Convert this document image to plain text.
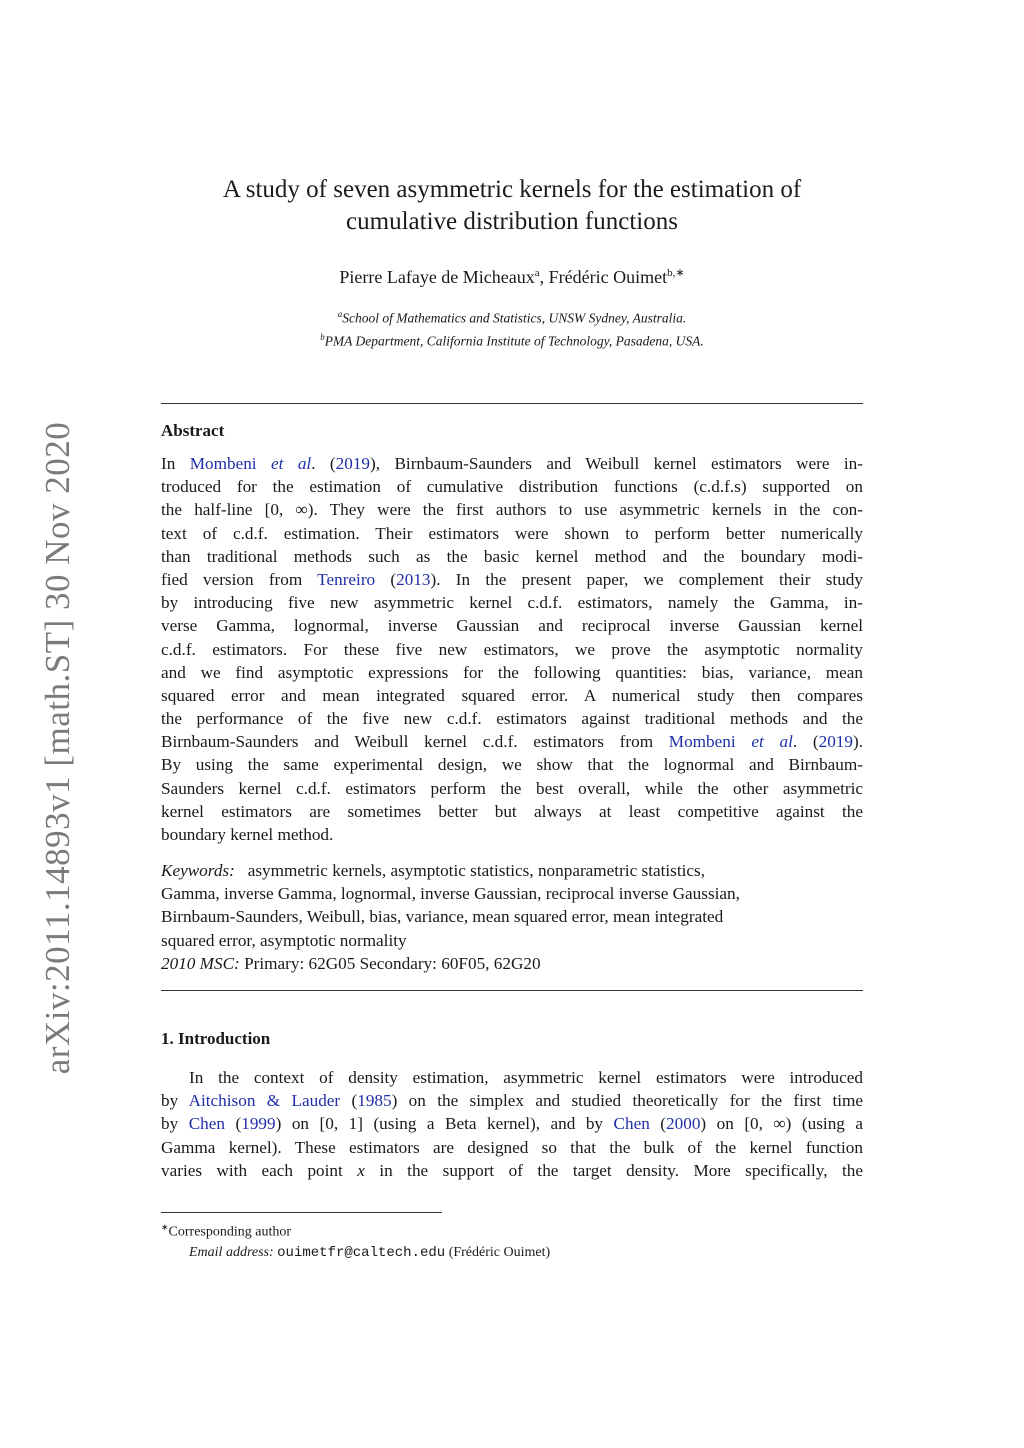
arXiv:2011.14893v1 [math.ST] 30 Nov 2020
A study of seven asymmetric kernels for the estimation of
cumulative distribution functions
Pierre Lafaye de Micheaux$^a$, Frédéric Ouimet$^{b,∗}$
$^a$School of Mathematics and Statistics, UNSW Sydney, Australia.
$^b$PMA Department, California Institute of Technology, Pasadena, USA.
Abstract
In Mombeni et al. (2019), Birnbaum-Saunders and Weibull kernel estimators were in-
troduced for the estimation of cumulative distribution functions (c.d.f.s) supported on
the half-line [0, ∞). They were the first authors to use asymmetric kernels in the con-
text of c.d.f. estimation. Their estimators were shown to perform better numerically
than traditional methods such as the basic kernel method and the boundary modi-
fied version from Tenreiro (2013). In the present paper, we complement their study
by introducing five new asymmetric kernel c.d.f. estimators, namely the Gamma, in-
verse Gamma, lognormal, inverse Gaussian and reciprocal inverse Gaussian kernel
c.d.f. estimators. For these five new estimators, we prove the asymptotic normality
and we find asymptotic expressions for the following quantities: bias, variance, mean
squared error and mean integrated squared error. A numerical study then compares
the performance of the five new c.d.f. estimators against traditional methods and the
Birnbaum-Saunders and Weibull kernel c.d.f. estimators from Mombeni et al. (2019).
By using the same experimental design, we show that the lognormal and Birnbaum-
Saunders kernel c.d.f. estimators perform the best overall, while the other asymmetric
kernel estimators are sometimes better but always at least competitive against the
boundary kernel method.
Keywords: asymmetric kernels, asymptotic statistics, nonparametric statistics,
Gamma, inverse Gamma, lognormal, inverse Gaussian, reciprocal inverse Gaussian,
Birnbaum-Saunders, Weibull, bias, variance, mean squared error, mean integrated
squared error, asymptotic normality
2010 MSC: Primary: 62G05 Secondary: 60F05, 62G20
1. Introduction
In the context of density estimation, asymmetric kernel estimators were introduced
by Aitchison & Lauder (1985) on the simplex and studied theoretically for the first time
by Chen (1999) on [0, 1] (using a Beta kernel), and by Chen (2000) on [0, ∞) (using a
Gamma kernel). These estimators are designed so that the bulk of the kernel function
varies with each point x in the support of the target density. More specifically, the
∗Corresponding author
Email address: ouimetfr@caltech.edu (Frédéric Ouimet)
